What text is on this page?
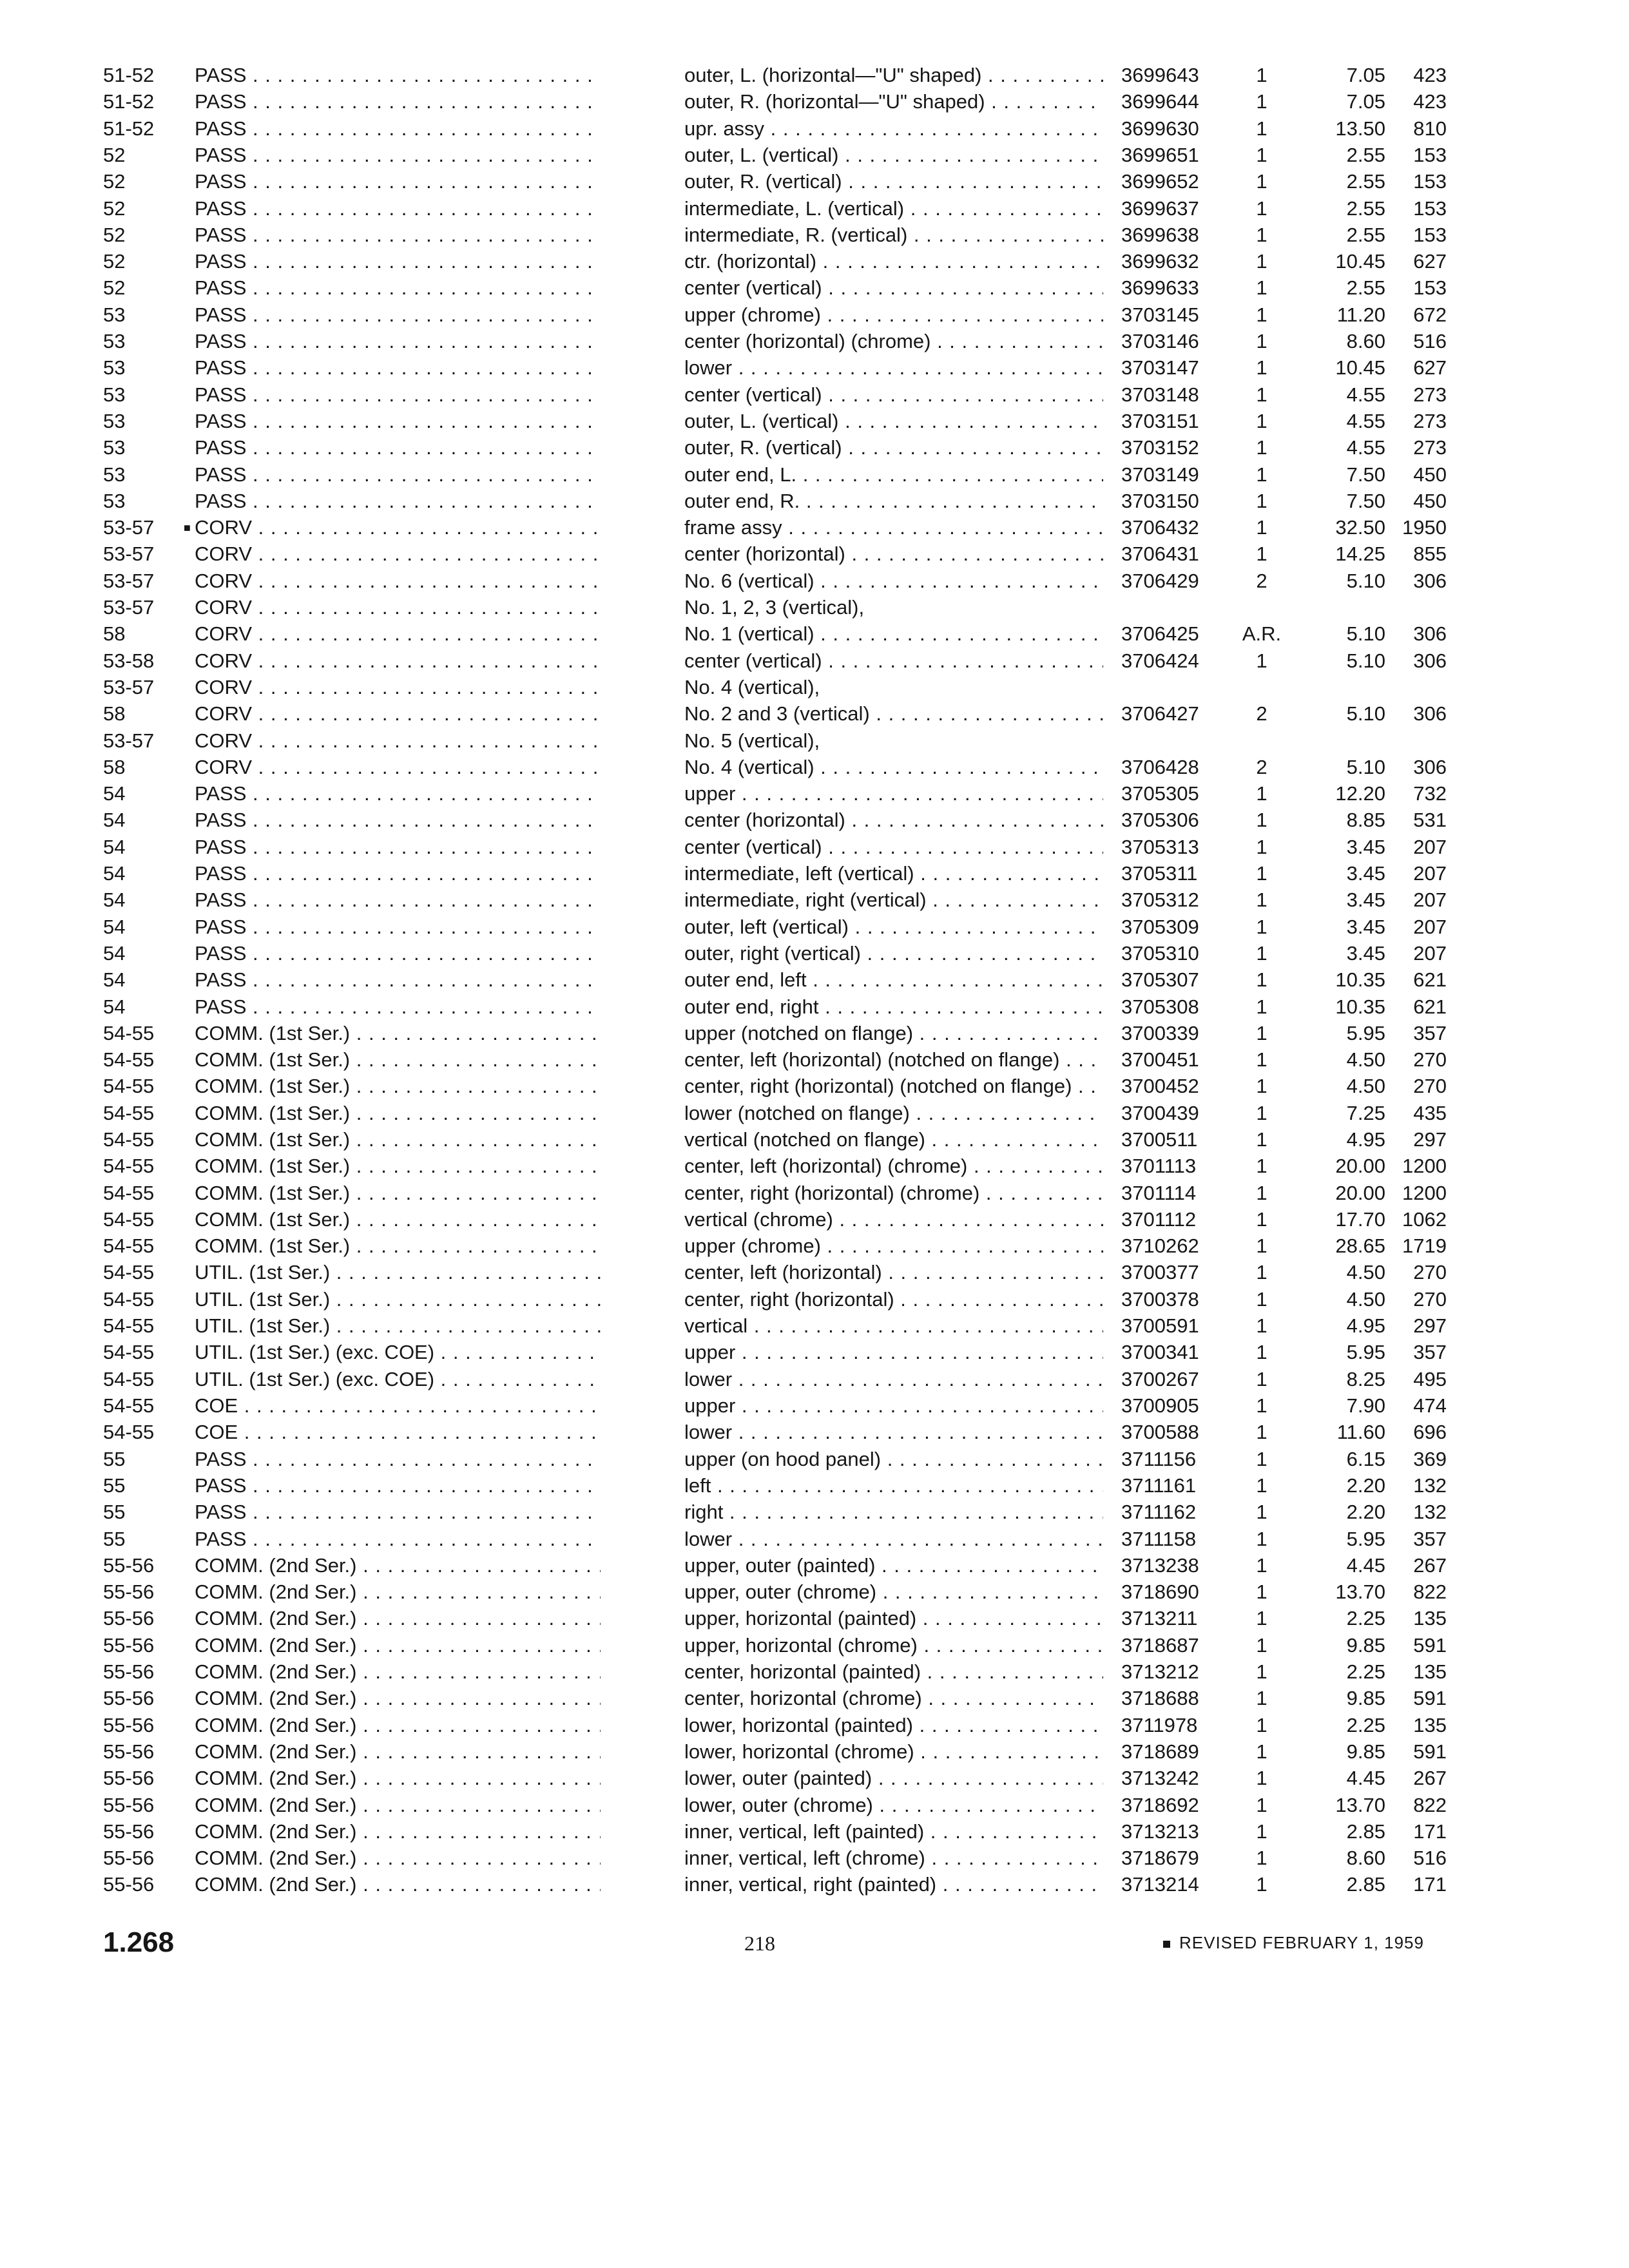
51-52	PASS . . .	outer, L. (horizontal—"U" shaped) . . .	3699643	1	7.05	423
51-52	PASS . . .	outer, R. (horizontal—"U" shaped) . . .	3699644	1	7.05	423
51-52	PASS . . .	upr. assy . . .	3699630	1	13.50	810
52	PASS . . .	outer, L. (vertical) . . .	3699651	1	2.55	153
52	PASS . . .	outer, R. (vertical) . . .	3699652	1	2.55	153
52	PASS . . .	intermediate, L. (vertical) . . .	3699637	1	2.55	153
52	PASS . . .	intermediate, R. (vertical) . . .	3699638	1	2.55	153
52	PASS . . .	ctr. (horizontal) . . .	3699632	1	10.45	627
52	PASS . . .	center (vertical) . . .	3699633	1	2.55	153
53	PASS . . .	upper (chrome) . . .	3703145	1	11.20	672
53	PASS . . .	center (horizontal) (chrome) . . .	3703146	1	8.60	516
53	PASS . . .	lower . . .	3703147	1	10.45	627
53	PASS . . .	center (vertical) . . .	3703148	1	4.55	273
53	PASS . . .	outer, L. (vertical) . . .	3703151	1	4.55	273
53	PASS . . .	outer, R. (vertical) . . .	3703152	1	4.55	273
53	PASS . . .	outer end, L. . . .	3703149	1	7.50	450
53	PASS . . .	outer end, R. . . .	3703150	1	7.50	450
■
53-57	CORV . . .	frame assy . . .	3706432	1	32.50 1950
53-57	CORV . . .	center (horizontal) . . .	3706431	1	14.25	855
53-57	CORV . . .	No. 6 (vertical) . . .	3706429	2	5.10	306
53-57	CORV . . .	No. 1, 2, 3 (vertical),
58	CORV . . .	No. 1 (vertical) . . .	3706425	A.R.	5.10	306
53-58	CORV . . .	center (vertical) . . .	3706424	1	5.10	306
53-57	CORV . . .	No. 4 (vertical),
58	CORV . . .	No. 2 and 3 (vertical) . . .	3706427	2	5.10	306
53-57	CORV . . .	No. 5 (vertical),
58	CORV . . .	No. 4 (vertical) . . .	3706428	2	5.10	306
54	PASS . . .	upper . . .	3705305	1	12.20	732
54	PASS . . .	center (horizontal) . . .	3705306	1	8.85	531
54	PASS . . .	center (vertical) . . .	3705313	1	3.45	207
54	PASS . . .	intermediate, left (vertical) . . .	3705311	1	3.45	207
54	PASS . . .	intermediate, right (vertical) . . .	3705312	1	3.45	207
54	PASS . . .	outer, left (vertical) . . .	3705309	1	3.45	207
54	PASS . . .	outer, right (vertical) . . .	3705310	1	3.45	207
54	PASS . . .	outer end, left . . .	3705307	1	10.35	621
54	PASS . . .	outer end, right . . .	3705308	1	10.35	621
54-55	COMM. (1st Ser.) . . .	upper (notched on flange) . . .	3700339	1	5.95	357
54-55	COMM. (1st Ser.) . . .	center, left (horizontal) (notched on flange) . . .	3700451	1	4.50	270
54-55	COMM. (1st Ser.) . . .	center, right (horizontal) (notched on flange) . . .	3700452	1	4.50	270
54-55	COMM. (1st Ser.) . . .	lower (notched on flange) . . .	3700439	1	7.25	435
54-55	COMM. (1st Ser.) . . .	vertical (notched on flange) . . .	3700511	1	4.95	297
54-55	COMM. (1st Ser.) . . .	center, left (horizontal) (chrome) . . .	3701113	1	20.00 1200
54-55	COMM. (1st Ser.) . . .	center, right (horizontal) (chrome) . . .	3701114	1	20.00 1200
54-55	COMM. (1st Ser.) . . .	vertical (chrome) . . .	3701112	1	17.70 1062
54-55	COMM. (1st Ser.) . . .	upper (chrome) . . .	3710262	1	28.65 1719
54-55	UTIL. (1st Ser.) . . .	center, left (horizontal) . . .	3700377	1	4.50	270
54-55	UTIL. (1st Ser.) . . .	center, right (horizontal) . . .	3700378	1	4.50	270
54-55	UTIL. (1st Ser.) . . .	vertical . . .	3700591	1	4.95	297
54-55	UTIL. (1st Ser.) (exc. COE) . . .	upper . . .	3700341	1	5.95	357
54-55	UTIL. (1st Ser.) (exc. COE) . . .	lower . . .	3700267	1	8.25	495
54-55	COE . . .	upper . . .	3700905	1	7.90	474
54-55	COE . . .	lower . . .	3700588	1	11.60	696
55	PASS . . .	upper (on hood panel) . . .	3711156	1	6.15	369
55	PASS . . .	left . . .	3711161	1	2.20	132
55	PASS . . .	right . . .	3711162	1	2.20	132
55	PASS . . .	lower . . .	3711158	1	5.95	357
55-56	COMM. (2nd Ser.) . . .	upper, outer (painted) . . .	3713238	1	4.45	267
55-56	COMM. (2nd Ser.) . . .	upper, outer (chrome) . . .	3718690	1	13.70	822
55-56	COMM. (2nd Ser.) . . .	upper, horizontal (painted) . . .	3713211	1	2.25	135
55-56	COMM. (2nd Ser.) . . .	upper, horizontal (chrome) . . .	3718687	1	9.85	591
55-56	COMM. (2nd Ser.) . . .	center, horizontal (painted) . . .	3713212	1	2.25	135
55-56	COMM. (2nd Ser.) . . .	center, horizontal (chrome) . . .	3718688	1	9.85	591
55-56	COMM. (2nd Ser.) . . .	lower, horizontal (painted) . . .	3711978	1	2.25	135
55-56	COMM. (2nd Ser.) . . .	lower, horizontal (chrome) . . .	3718689	1	9.85	591
55-56	COMM. (2nd Ser.) . . .	lower, outer (painted) . . .	3713242	1	4.45	267
55-56	COMM. (2nd Ser.) . . .	lower, outer (chrome) . . .	3718692	1	13.70	822
55-56	COMM. (2nd Ser.) . . .	inner, vertical, left (painted) . . .	3713213	1	2.85	171
55-56	COMM. (2nd Ser.) . . .	inner, vertical, left (chrome) . . .	3718679	1	8.60	516
55-56	COMM. (2nd Ser.) . . .	inner, vertical, right (painted) . . .	3713214	1	2.85	171
1.268	218	REVISED FEBRUARY 1, 1959
